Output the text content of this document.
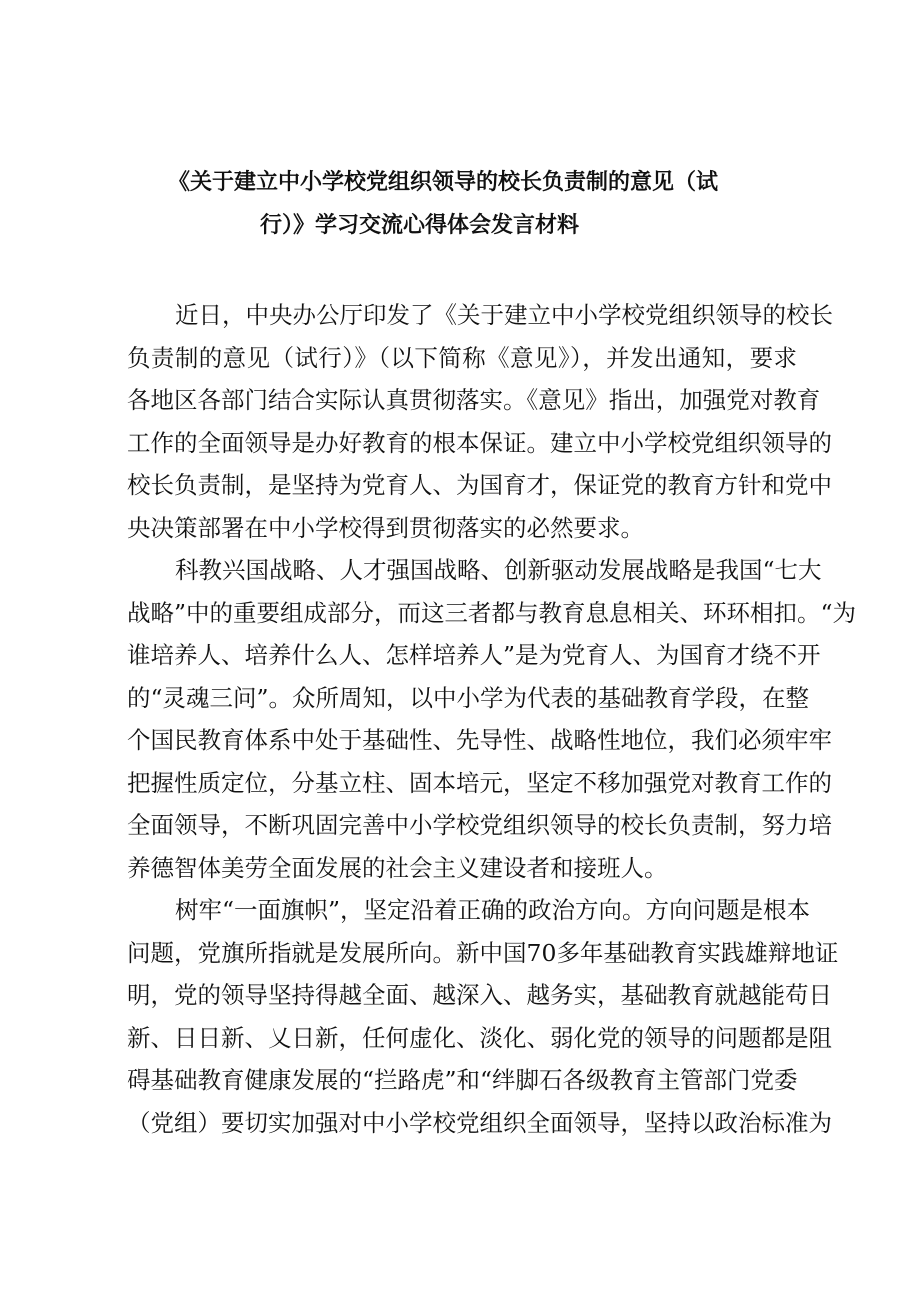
《关于建立中小学校党组织领导的校长负责制的意见（试
行）》学习交流心得体会发言材料
近日，中央办公厅印发了《关于建立中小学校党组织领导的校长
负责制的意见（试行）》（以下简称《意见》），并发出通知，要求
各地区各部门结合实际认真贯彻落实。《意见》指出，加强党对教育
工作的全面领导是办好教育的根本保证。建立中小学校党组织领导的
校长负责制，是坚持为党育人、为国育才，保证党的教育方针和党中
央决策部署在中小学校得到贯彻落实的必然要求。
科教兴国战略、人才强国战略、创新驱动发展战略是我国“七大
战略”中的重要组成部分，而这三者都与教育息息相关、环环相扣。“为
谁培养人、培养什么人、怎样培养人”是为党育人、为国育才绕不开
的“灵魂三问”。众所周知，以中小学为代表的基础教育学段，在整
个国民教育体系中处于基础性、先导性、战略性地位，我们必须牢牢
把握性质定位，分基立柱、固本培元，坚定不移加强党对教育工作的
全面领导，不断巩固完善中小学校党组织领导的校长负责制，努力培
养德智体美劳全面发展的社会主义建设者和接班人。
树牢“一面旗帜”，坚定沿着正确的政治方向。方向问题是根本
问题，党旗所指就是发展所向。新中国70多年基础教育实践雄辩地证
明，党的领导坚持得越全面、越深入、越务实，基础教育就越能苟日
新、日日新、乂日新，任何虚化、淡化、弱化党的领导的问题都是阻
碍基础教育健康发展的“拦路虎”和“绊脚石各级教育主管部门党委
（党组）要切实加强对中小学校党组织全面领导，坚持以政治标准为
